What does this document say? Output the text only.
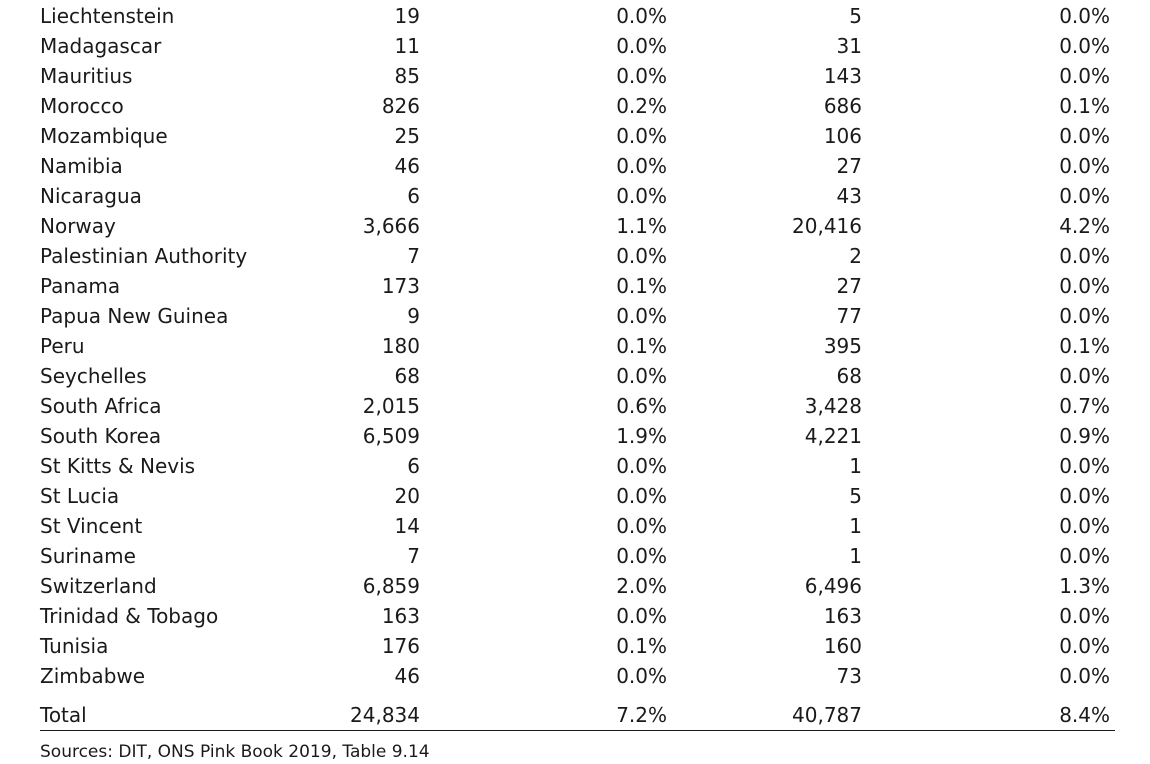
Liechtenstein	19	0.0%	5	0.0%
Madagascar	11	0.0%	31	0.0%
Mauritius	85	0.0%	143	0.0%
Morocco	826	0.2%	686	0.1%
Mozambique	25	0.0%	106	0.0%
Namibia	46	0.0%	27	0.0%
Nicaragua	6	0.0%	43	0.0%
Norway	3,666	1.1%	20,416	4.2%
Palestinian Authority	7	0.0%	2	0.0%
Panama	173	0.1%	27	0.0%
Papua New Guinea	9	0.0%	77	0.0%
Peru	180	0.1%	395	0.1%
Seychelles	68	0.0%	68	0.0%
South Africa	2,015	0.6%	3,428	0.7%
South Korea	6,509	1.9%	4,221	0.9%
St Kitts & Nevis	6	0.0%	1	0.0%
St Lucia	20	0.0%	5	0.0%
St Vincent	14	0.0%	1	0.0%
Suriname	7	0.0%	1	0.0%
Switzerland	6,859	2.0%	6,496	1.3%
Trinidad & Tobago	163	0.0%	163	0.0%
Tunisia	176	0.1%	160	0.0%
Zimbabwe	46	0.0%	73	0.0%
Total	24,834	7.2%	40,787	8.4%
Sources: DIT, ONS Pink Book 2019, Table 9.14
